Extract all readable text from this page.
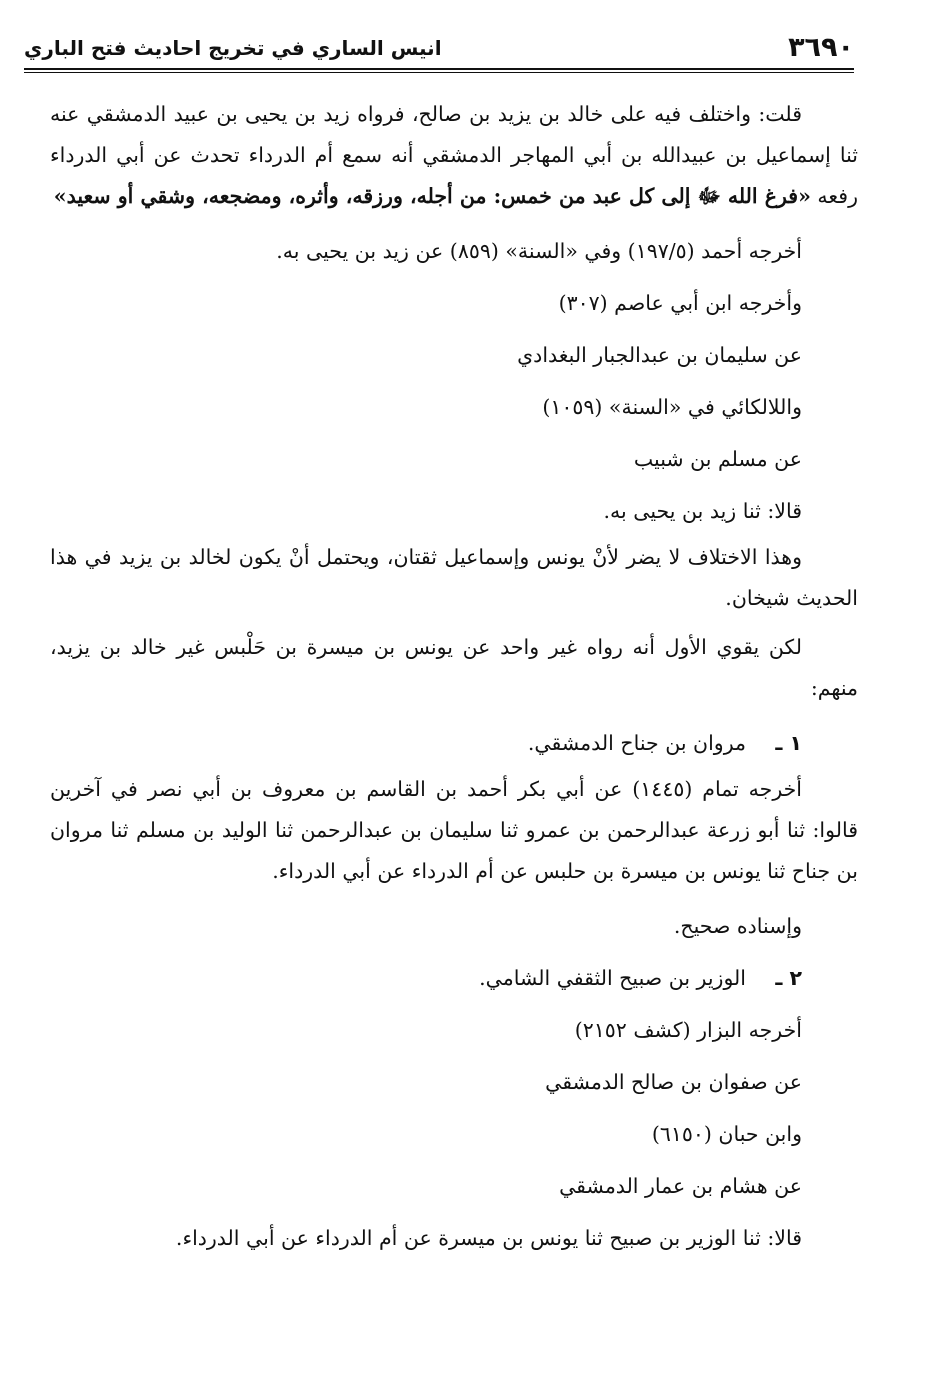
٣٦٩٠
انيس الساري في تخريج احاديث فتح الباري

قلت: واختلف فيه على خالد بن يزيد بن صالح، فرواه زيد بن يحيى بن عبيد الدمشقي عنه ثنا إسماعيل بن عبيدالله بن أبي المهاجر الدمشقي أنه سمع أم الدرداء تحدث عن أبي الدرداء رفعه «فرغ الله ﷻ إلى كل عبد من خمس: من أجله، ورزقه، وأثره، ومضجعه، وشقي أو سعيد»

أخرجه أحمد (١٩٧/٥) وفي «السنة» (٨٥٩) عن زيد بن يحيى به.

وأخرجه ابن أبي عاصم (٣٠٧)

عن سليمان بن عبدالجبار البغدادي

واللالكائي في «السنة» (١٠٥٩)

عن مسلم بن شبيب

قالا: ثنا زيد بن يحيى به.

وهذا الاختلاف لا يضر لأنْ يونس وإسماعيل ثقتان، ويحتمل أنْ يكون لخالد بن يزيد في هذا الحديث شيخان.

لكن يقوي الأول أنه رواه غير واحد عن يونس بن ميسرة بن حَلْبس غير خالد بن يزيد، منهم:

١ ـ
مروان بن جناح الدمشقي.

أخرجه تمام (١٤٤٥) عن أبي بكر أحمد بن القاسم بن معروف بن أبي نصر في آخرين قالوا: ثنا أبو زرعة عبدالرحمن بن عمرو ثنا سليمان بن عبدالرحمن ثنا الوليد بن مسلم ثنا مروان بن جناح ثنا يونس بن ميسرة بن حلبس عن أم الدرداء عن أبي الدرداء.

وإسناده صحيح.

٢ ـ
الوزير بن صبيح الثقفي الشامي.

أخرجه البزار (كشف ٢١٥٢)

عن صفوان بن صالح الدمشقي

وابن حبان (٦١٥٠)

عن هشام بن عمار الدمشقي

قالا: ثنا الوزير بن صبيح ثنا يونس بن ميسرة عن أم الدرداء عن أبي الدرداء.
